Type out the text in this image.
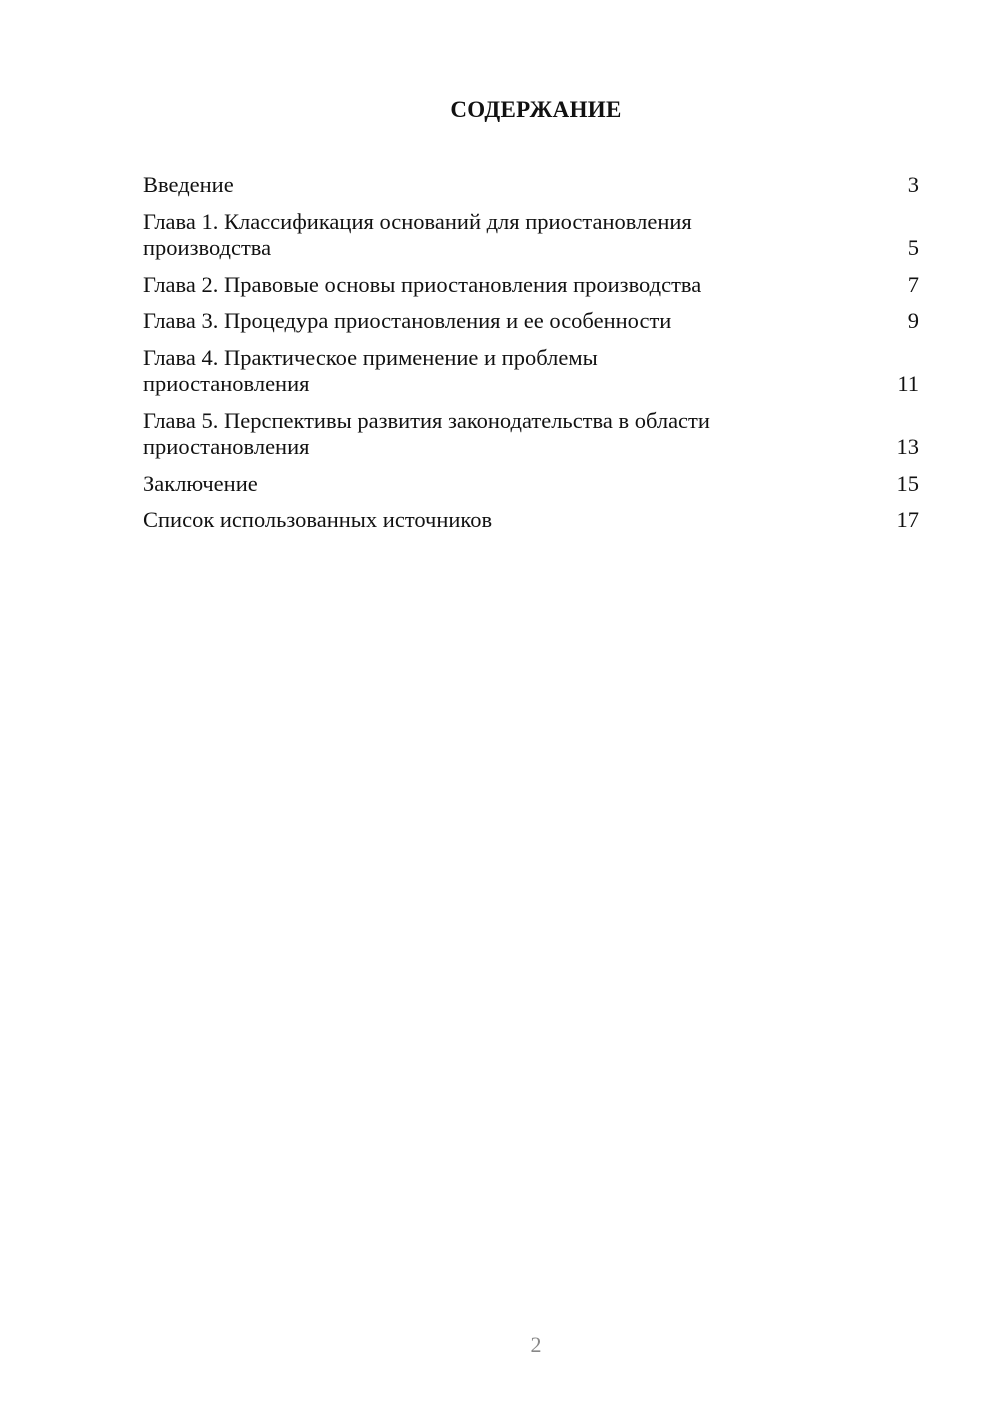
СОДЕРЖАНИЕ
Введение	3
Глава 1. Классификация оснований для приостановления производства	5
Глава 2. Правовые основы приостановления производства	7
Глава 3. Процедура приостановления и ее особенности	9
Глава 4. Практическое применение и проблемы приостановления	11
Глава 5. Перспективы развития законодательства в области приостановления	13
Заключение	15
Список использованных источников	17
2
